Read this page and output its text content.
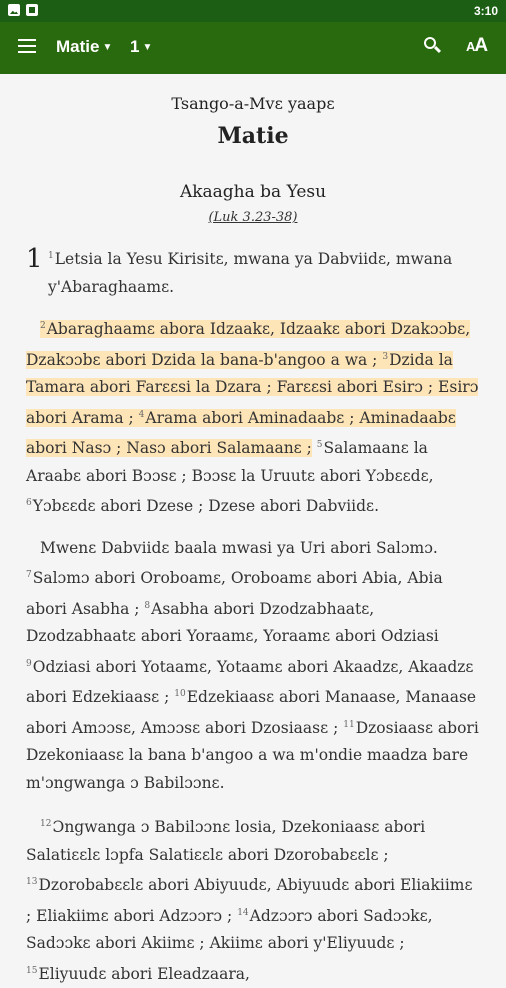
3:10
Matie ▼ 1 ▼	AA
Tsango-a-Mvɛ yaapɛ
Matie
Akaagha ba Yesu
(Luk 3.23-38)
1 $^1$Letsia la Yesu Kirisitɛ, mwana ya Dabviidɛ, mwana y'Abaraghaamɛ.
$^2$Abaraghaamɛ abora Idzaakɛ, Idzaakɛ abori Dzakɔɔbɛ, Dzakɔɔbɛ abori Dzida la bana-b'angoo a wa ; $^3$Dzida la Tamara abori Farɛɛsi la Dzara ; Farɛɛsi abori Esirɔ ; Esirɔ abori Arama ; $^4$Arama abori Aminadaabɛ ; Aminadaabɛ abori Nasɔ ; Nasɔ abori Salamaanɛ ; $^5$Salamaanɛ la Araabɛ abori Bɔɔsɛ ; Bɔɔsɛ la Uruutɛ abori Yɔbɛɛdɛ, $^6$Yɔbɛɛdɛ abori Dzese ; Dzese abori Dabviidɛ.
Mwenɛ Dabviidɛ baala mwasi ya Uri abori Salɔmɔ. $^7$Salɔmɔ abori Oroboamɛ, Oroboamɛ abori Abia, Abia abori Asabha ; $^8$Asabha abori Dzodzabhaatɛ, Dzodzabhaatɛ abori Yoraamɛ, Yoraamɛ abori Odziasi $^9$Odziasi abori Yotaamɛ, Yotaamɛ abori Akaadzɛ, Akaadzɛ abori Edzekiaasɛ ; $^{10}$Edzekiaasɛ abori Manaase, Manaase abori Amɔɔsɛ, Amɔɔsɛ abori Dzosiaasɛ ; $^{11}$Dzosiaasɛ abori Dzekoniaasɛ la bana b'angoo a wa m'ondie maadza bare m'ɔngwanga ɔ Babilɔɔnɛ.
$^{12}$Ɔngwanga ɔ Babilɔɔnɛ losia, Dzekoniaasɛ abori Salatiɛɛlɛ lɔpfa Salatiɛɛlɛ abori Dzorobabɛɛlɛ ; $^{13}$Dzorobabɛɛlɛ abori Abiyuudɛ, Abiyuudɛ abori Eliakiimɛ ; Eliakiimɛ abori Adzɔɔrɔ ; $^{14}$Adzɔɔrɔ abori Sadɔɔkɛ, Sadɔɔkɛ abori Akiimɛ ; Akiimɛ abori y'Eliyuudɛ ; $^{15}$Eliyuudɛ abori Eleadzaara,
